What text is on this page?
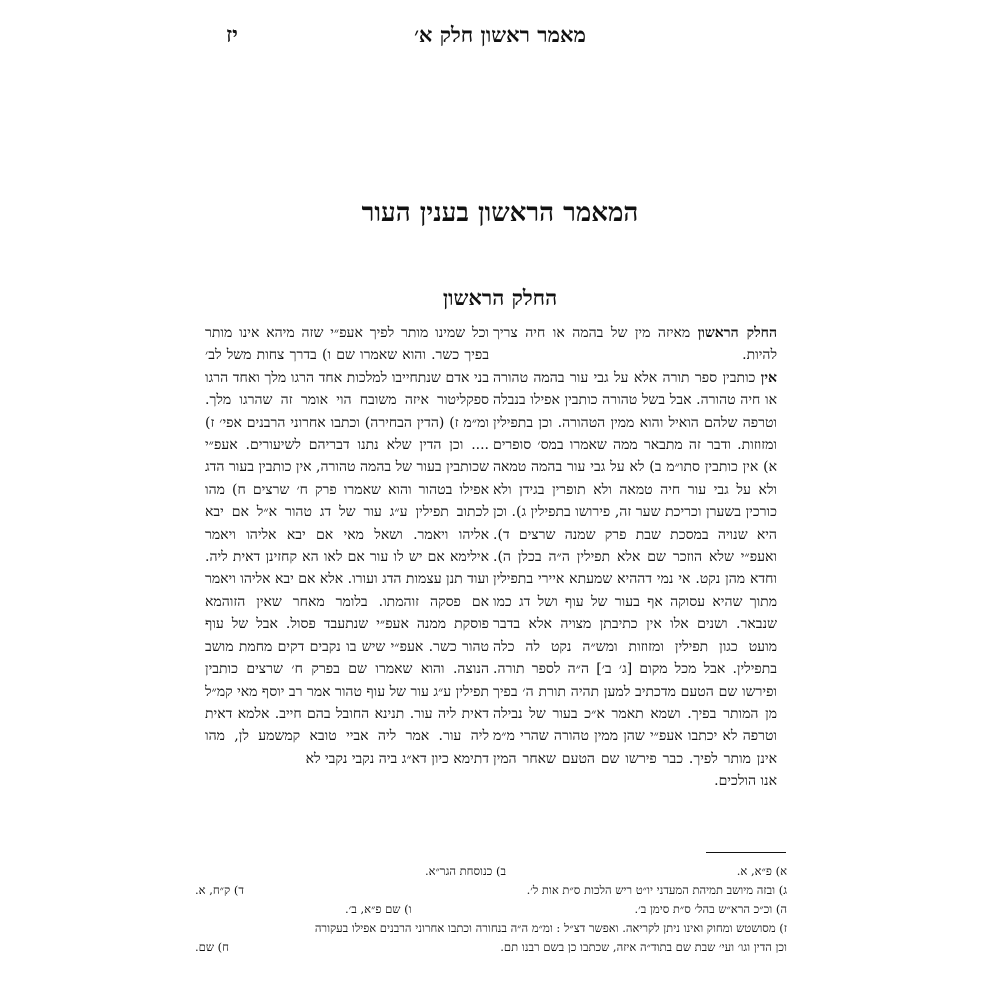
מאמר ראשון חלק א׳
יז
המאמר הראשון בענין העור
החלק הראשון

החלק הראשון מאיזה מין של בהמה או חיה צריך להיות.

אין כותבין ספר תורה אלא על גבי עור בהמה טהורה או חיה טהורה. אבל בשל טהורה כותבין אפילו בנבלה וטרפה שלהם הואיל והוא ממין הטהורה. וכן בתפילין ומזוזות. ודבר זה מתבאר ממה שאמרו במס׳ סופרים א) אין כותבין סתו״מ ב) לא על גבי עור בהמה טמאה ולא על גבי עור חיה טמאה ולא תופרין בגידן ולא כורכין בשערן וכריכת שער זה, פירושו בתפילין ג). וכן היא שנויה במסכת שבת פרק שמנה שרצים ד). ואעפ״י שלא הוזכר שם אלא תפילין ה״ה בכלן ה). וחדא מהן נקט. אי נמי דההיא שמעתא איירי בתפילין מתוך שהיא עסוקה אף בעור של עוף ושל דג כמו שנבאר. ושנים אלו אין כתיבתן מצויה אלא בדבר מועט כגון תפילין ומזוזות ומש״ה נקט לה כלה בתפילין. אבל מכל מקום [ג׳ ב׳] ה״ה לספר תורה. ופירשו שם הטעם מדכתיב למען תהיה תורת ה׳ בפיך מן המותר בפיך. ושמא תאמר א״כ בעור של נבילה וטרפה לא יכתבו אעפ״י שהן ממין טהורה שהרי מ״מ אינן מותר לפיך. כבר פירשו שם הטעם שאחר המין אנו הולכים.

וכל שמינו מותר לפיך אעפ״י שזה מיהא אינו מותר בפיך כשר. והוא שאמרו שם ו) בדרך צחות משל לב׳ בני אדם שנתחייבו למלכות אחד הרגו מלך ואחד הרגו ספקליטור איזה משובח הוי אומר זה שהרגו מלך. ומ״מ ז) (הדין הבחירה) וכתבו אחרוני הרבנים אפי׳ ז) .... וכן הדין שלא נתנו דבריהם לשיעורים. אעפ״י שכותבין בעור של בהמה טהורה, אין כותבין בעור הדג אפילו בטהור והוא שאמרו פרק ח׳ שרצים ח) מהו לכתוב תפילין ע״ג עור של דג טהור א״ל אם יבא אליהו ויאמר. ושאל מאי אם יבא אליהו ויאמר אילימא אם יש לו עור אם לאו הא קחזינן דאית ליה. ועוד תנן עצמות הדג ועורו. אלא אם יבא אליהו ויאמר אם פסקה זוהמתו. בלומר מאחר שאין הזוהמא פוסקת ממנה אעפ״י שנתעבד פסול. אבל של עוף טהור כשר. אעפ״י שיש בו נקבים דקים מחמת מושב הנוצה. והוא שאמרו שם בפרק ח׳ שרצים כותבין תפילין ע״ג עור של עוף טהור אמר רב יוסף מאי קמ״ל דאית ליה עור. תנינא החובל בהם חייב. אלמא דאית ליה עור. אמר ליה אביי טובא קמשמע לן, מהו דתימא כיון דא״ג ביה נקבי נקבי לא

א) פ״א, א.
ב) כנוסחת הגר״א.
ג) ובזה מיושב תמיהת המעדני יו״ט ריש הלכות ס״ת אות ל׳.
ד) ק״ח, א.
ה) וכ״כ הרא״ש בהל׳ ס״ת סימן ב׳.
ו) שם פ״א, ב׳.
ז) מסושטש ומחוק ואינו ניתן לקריאה. ואפשר דצ״ל : ומ״מ ה״ה בנחורה וכתבו אחרוני הרבנים אפילו בעקורה
וכן הדין וגו׳ ועי׳ שבת שם בתוד״ה איזה, שכתבו כן בשם רבנו תם.
ח) שם.
